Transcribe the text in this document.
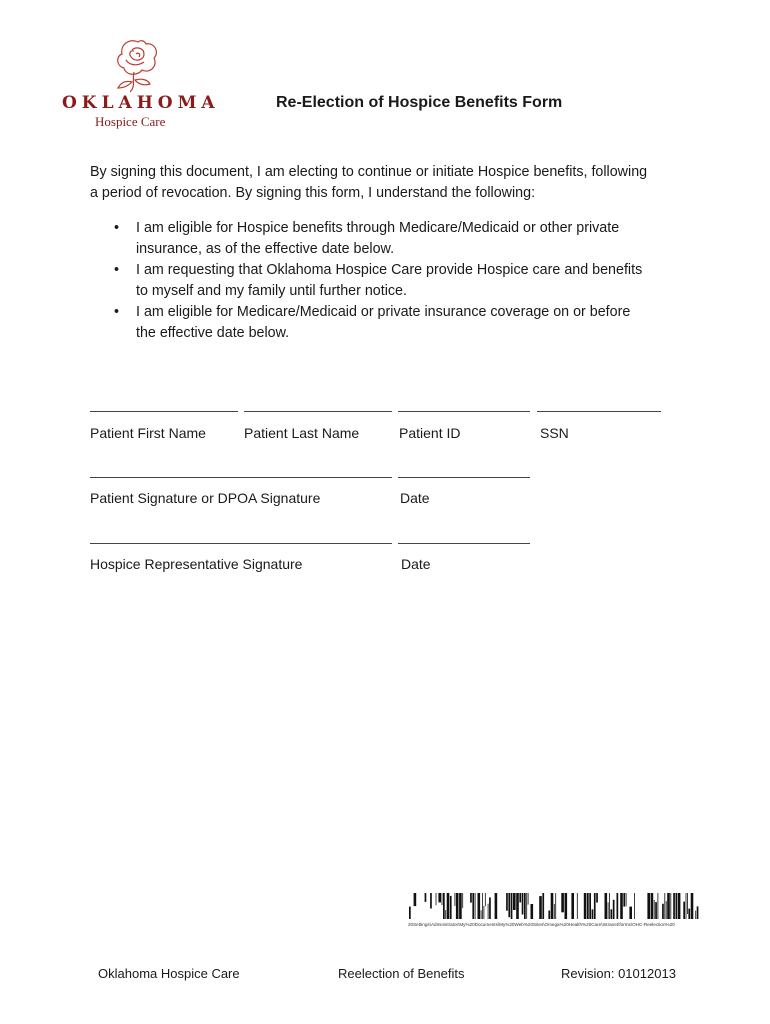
OKLAHOMA
Hospice Care
Re-Election of Hospice Benefits Form

By signing this document, I am electing to continue or initiate Hospice benefits, following

a period of revocation. By signing this form, I understand the following:

• I am eligible for Hospice benefits through Medicare/Medicaid or other private
insurance, as of the effective date below.
• I am requesting that Oklahoma Hospice Care provide Hospice care and benefits
to myself and my family until further notice.
• I am eligible for Medicare/Medicaid or private insurance coverage on or before
the effective date below.
Patient First Name	Patient Last Name	Patient ID	SSN
Patient Signature or DPOA Signature	Date
Hospice Representative Signature	Date
20Settings\Administrator\My%20Documents\My%20Web%20Sites\Omega%20Health%20Care\Intranet\forms\OHC-Reelection%20
Oklahoma Hospice Care	Reelection of Benefits	Revision: 01012013
